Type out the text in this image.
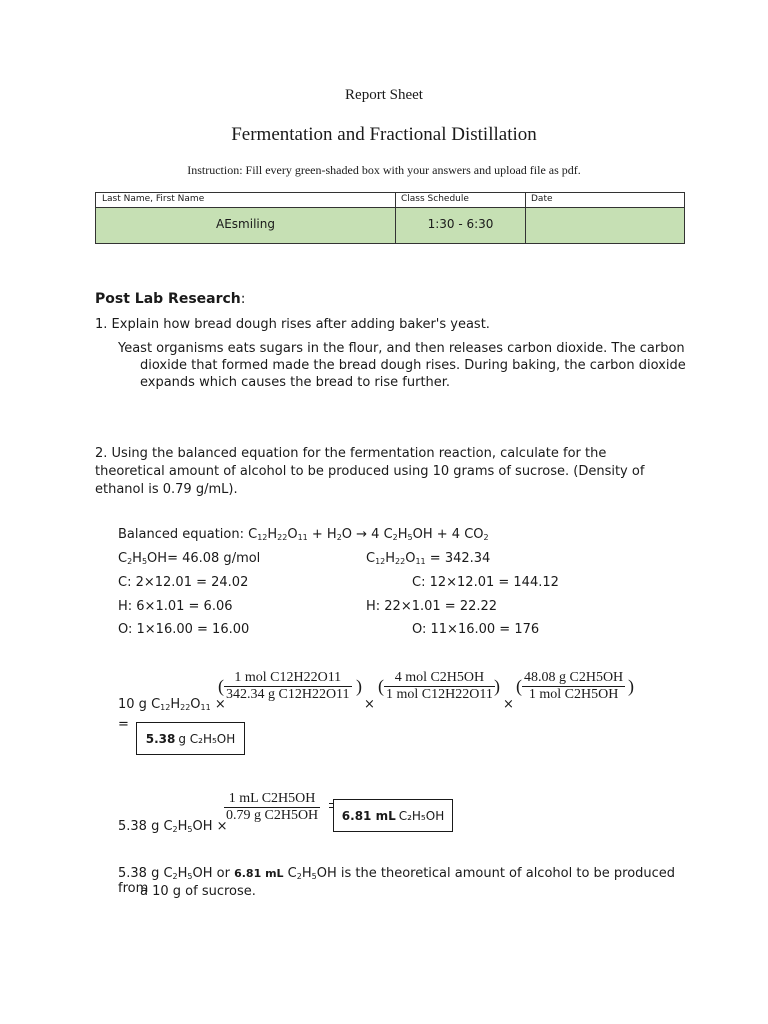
Report Sheet
Fermentation and Fractional Distillation
Instruction: Fill every green-shaded box with your answers and upload file as pdf.
Last Name, First Name	Class Schedule	Date
AEsmiling	1:30 - 6:30
Post Lab Research:
1. Explain how bread dough rises after adding baker's yeast.
Yeast organisms eats sugars in the flour, and then releases carbon dioxide. The carbon dioxide that formed made the bread dough rises. During baking, the carbon dioxide expands which causes the bread to rise further.
2. Using the balanced equation for the fermentation reaction, calculate for the theoretical amount of alcohol to be produced using 10 grams of sucrose. (Density of ethanol is 0.79 g/mL).
Balanced equation: $C_{12}H_{22}O_{11} + H_2O \to 4$ $C_2H_5OH + 4$ $CO_2$
$C_2H_5OH= 46.08$ g/mol	$C_{12}H_{22}O_{11} = 342.34$
C: 2×12.01 = 24.02	C: 12×12.01 = 144.12
H: 6×1.01 = 6.06	H: 22×1.01 = 22.22
O: 1×16.00 = 16.00	O: 11×16.00 = 176
10 g $C_{12}H_{22}O_{11}$ ×
( 1 mol C12H22O11
342.34 g C12H22O11 )
×
( 4 mol C2H5OH
1 mol C12H22O11 )
×
( 48.08 g C2H5OH
1 mol C2H5OH )
=
5.38 g C₂H₅OH
5.38 g $C_2H_5OH$ ×
$\frac{\text{1 mL C2H5OH}}{\text{0.79 g C2H5OH}} 6.81$ mL C₂H₅OH
5.38 g $C_2H_5OH$ or 6.81 mL $C_2H_5OH$ is the theoretical amount of alcohol to be produced from
a 10 g of sucrose.
